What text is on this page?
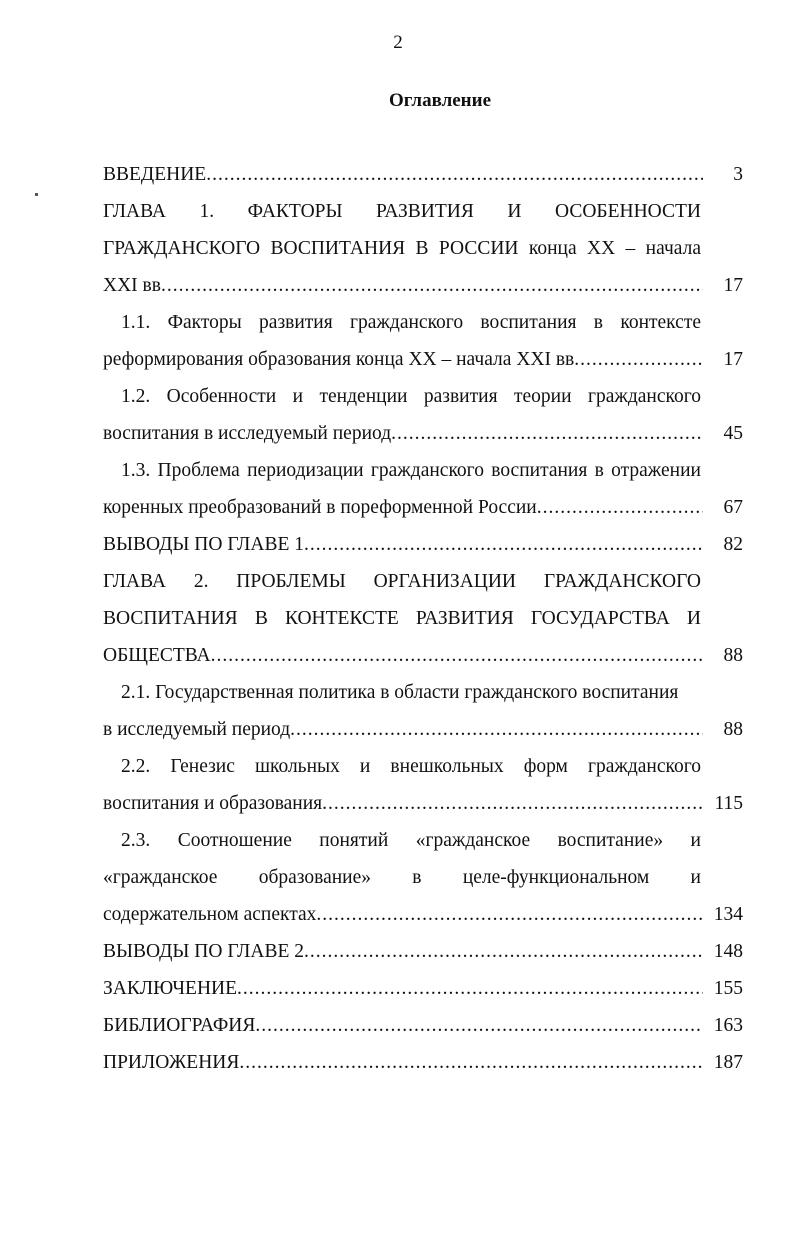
2
Оглавление
ВВЕДЕНИЕ .....	3
ГЛАВА 1. ФАКТОРЫ РАЗВИТИЯ И ОСОБЕННОСТИ
ГРАЖДАНСКОГО ВОСПИТАНИЯ В РОССИИ конца XX – начала
XXI вв .....	17
1.1. Факторы развития гражданского воспитания в контексте
реформирования образования конца XX – начала XXI вв .....	17
1.2. Особенности и тенденции развития теории гражданского
воспитания в исследуемый период .....	45
1.3. Проблема периодизации гражданского воспитания в отражении
коренных преобразований в пореформенной России .....	67
ВЫВОДЫ ПО ГЛАВЕ 1 .....	82
ГЛАВА 2. ПРОБЛЕМЫ ОРГАНИЗАЦИИ ГРАЖДАНСКОГО
ВОСПИТАНИЯ В КОНТЕКСТЕ РАЗВИТИЯ ГОСУДАРСТВА И
ОБЩЕСТВА .....	88
2.1. Государственная политика в области гражданского воспитания
в исследуемый период .....	88
2.2. Генезис школьных и внешкольных форм гражданского
воспитания и образования .....	115
2.3. Соотношение понятий «гражданское воспитание» и
«гражданское образование» в целе-функциональном и
содержательном аспектах .....	134
ВЫВОДЫ ПО ГЛАВЕ 2 .....	148
ЗАКЛЮЧЕНИЕ .....	155
БИБЛИОГРАФИЯ .....	163
ПРИЛОЖЕНИЯ .....	187
